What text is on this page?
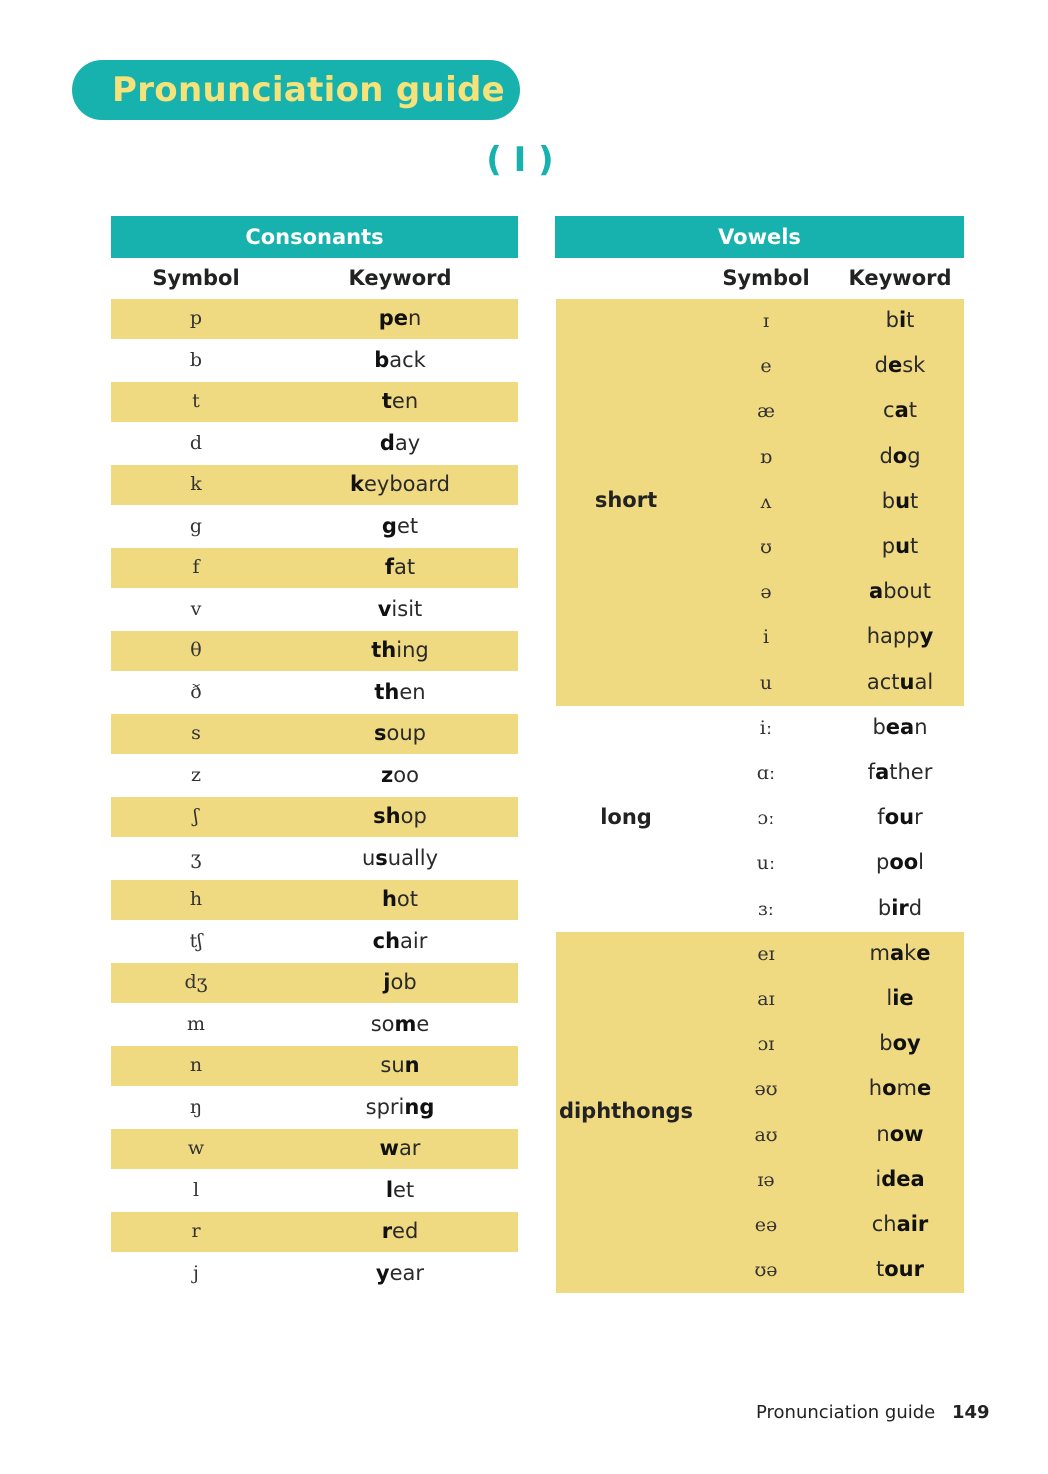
Pronunciation guide
( I )
Consonants
Symbol	Keyword
p	pen
b	back
t	ten
d	day
k	keyboard
g	get
f	fat
v	visit
θ	thing
ð	then
s	soup
z	zoo
ʃ	shop
ʒ	usually
h	hot
tʃ	chair
dʒ	job
m	some
n	sun
ŋ	spring
w	war
l	let
r	red
j	year
Vowels
Symbol	Keyword
short
ɪ	bit
e	desk
æ	cat
ɒ	dog
ʌ	but
ʊ	put
ə	about
i	happy
u	actual
long
iː	bean
ɑː	father
ɔː	four
uː	pool
ɜː	bird
diphthongs
eɪ	make
aɪ	lie
ɔɪ	boy
əʊ	home
aʊ	now
ɪə	idea
eə	chair
ʊə	tour
Pronunciation guide 149
